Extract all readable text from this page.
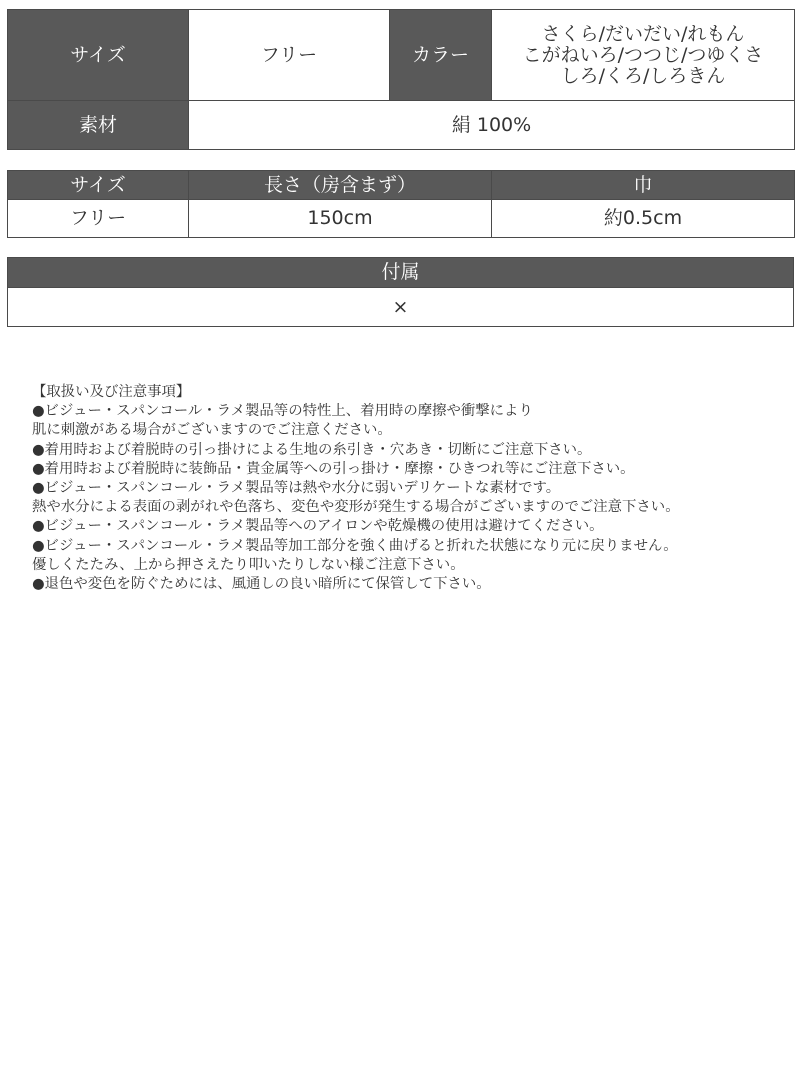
サイズ	フリー	カラー	さくら/だいだい/れもん
こがねいろ/つつじ/つゆくさ
しろ/くろ/しろきん

素材	絹 100%		
サイズ	長さ（房含まず）	巾
フリー	150cm	約0.5cm
付属
×
【取扱い及び注意事項】
●ビジュー・スパンコール・ラメ製品等の特性上、着用時の摩擦や衝撃により
肌に刺激がある場合がございますのでご注意ください。
●着用時および着脱時の引っ掛けによる生地の糸引き・穴あき・切断にご注意下さい。
●着用時および着脱時に装飾品・貴金属等への引っ掛け・摩擦・ひきつれ等にご注意下さい。
●ビジュー・スパンコール・ラメ製品等は熱や水分に弱いデリケートな素材です。
熱や水分による表面の剥がれや色落ち、変色や変形が発生する場合がございますのでご注意下さい。
●ビジュー・スパンコール・ラメ製品等へのアイロンや乾燥機の使用は避けてください。
●ビジュー・スパンコール・ラメ製品等加工部分を強く曲げると折れた状態になり元に戻りません。
優しくたたみ、上から押さえたり叩いたりしない様ご注意下さい。
●退色や変色を防ぐためには、風通しの良い暗所にて保管して下さい。
